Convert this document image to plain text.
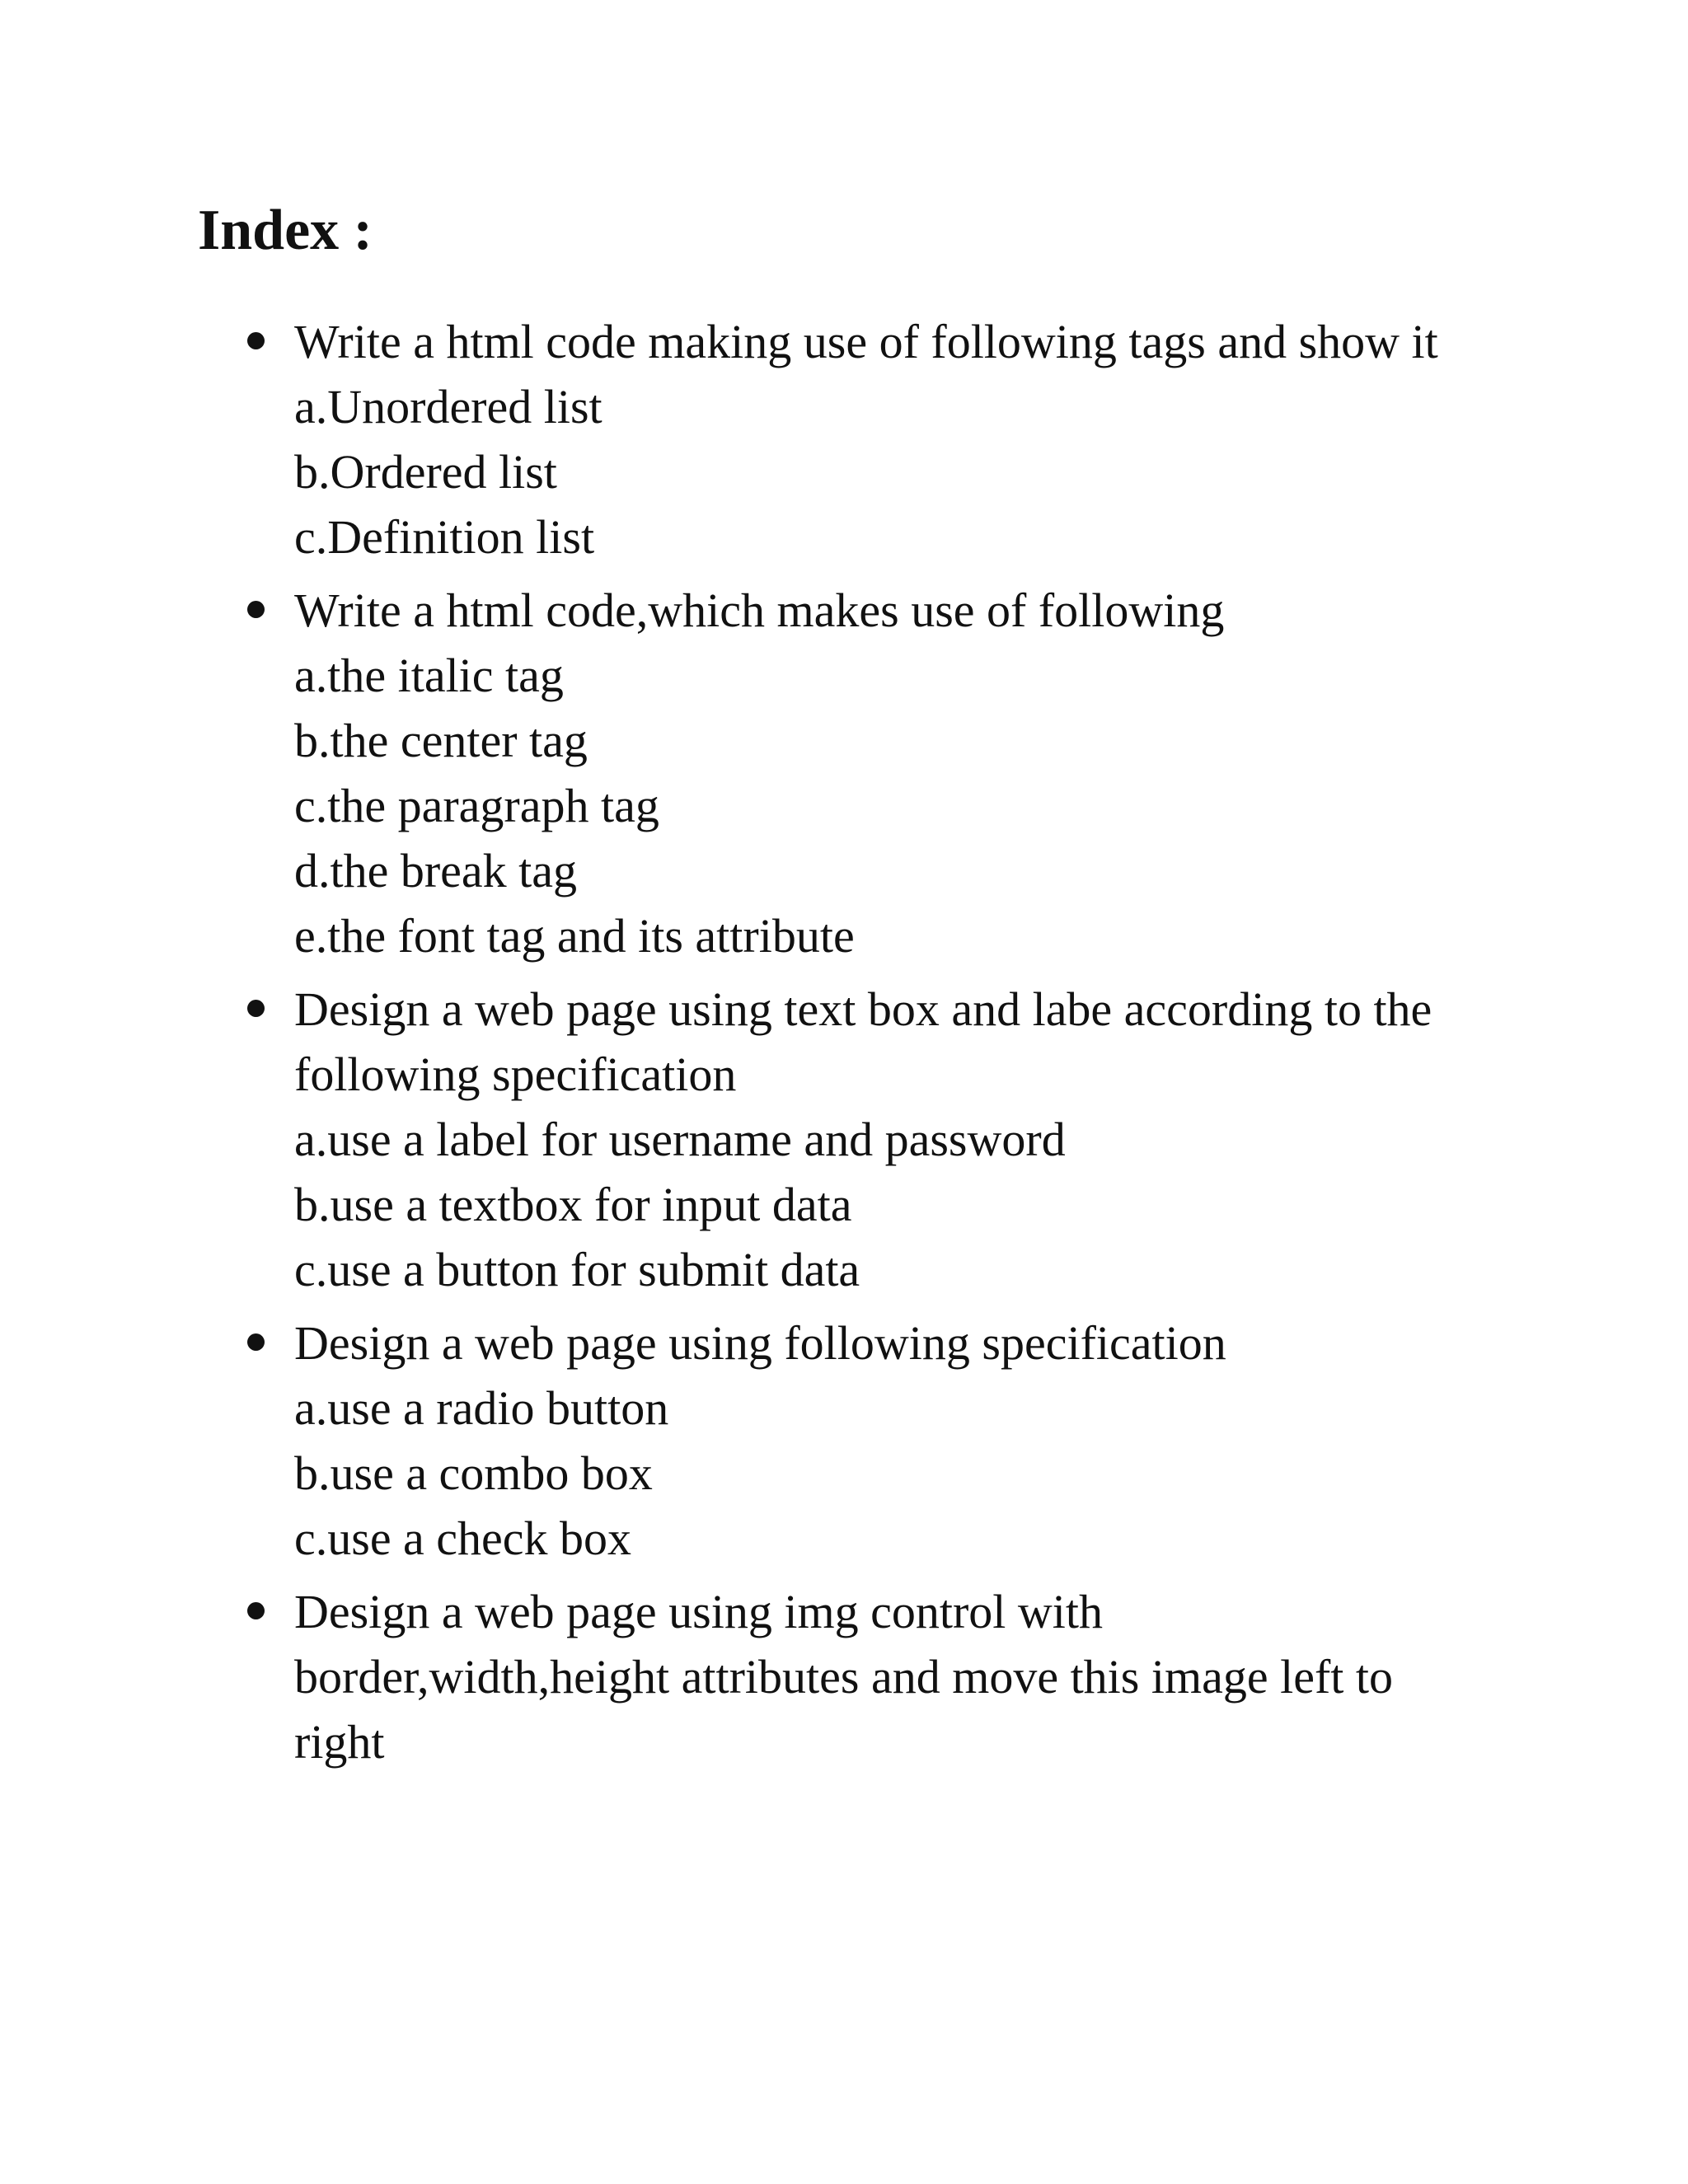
Index :
Write a html code making use of following tags and show it
a.Unordered list
b.Ordered list
c.Definition list
Write a html code,which makes use of following
a.the italic tag
b.the center tag
c.the paragraph tag
d.the break tag
e.the font tag and its attribute
Design a web page using text box and labe according to the
following specification
a.use a label for username and password
b.use a textbox for input data
c.use a button for submit data
Design a web page using following specification
a.use a radio button
b.use a combo box
c.use a check box
Design a web page using img control with
border,width,height attributes and move this image left to
right
